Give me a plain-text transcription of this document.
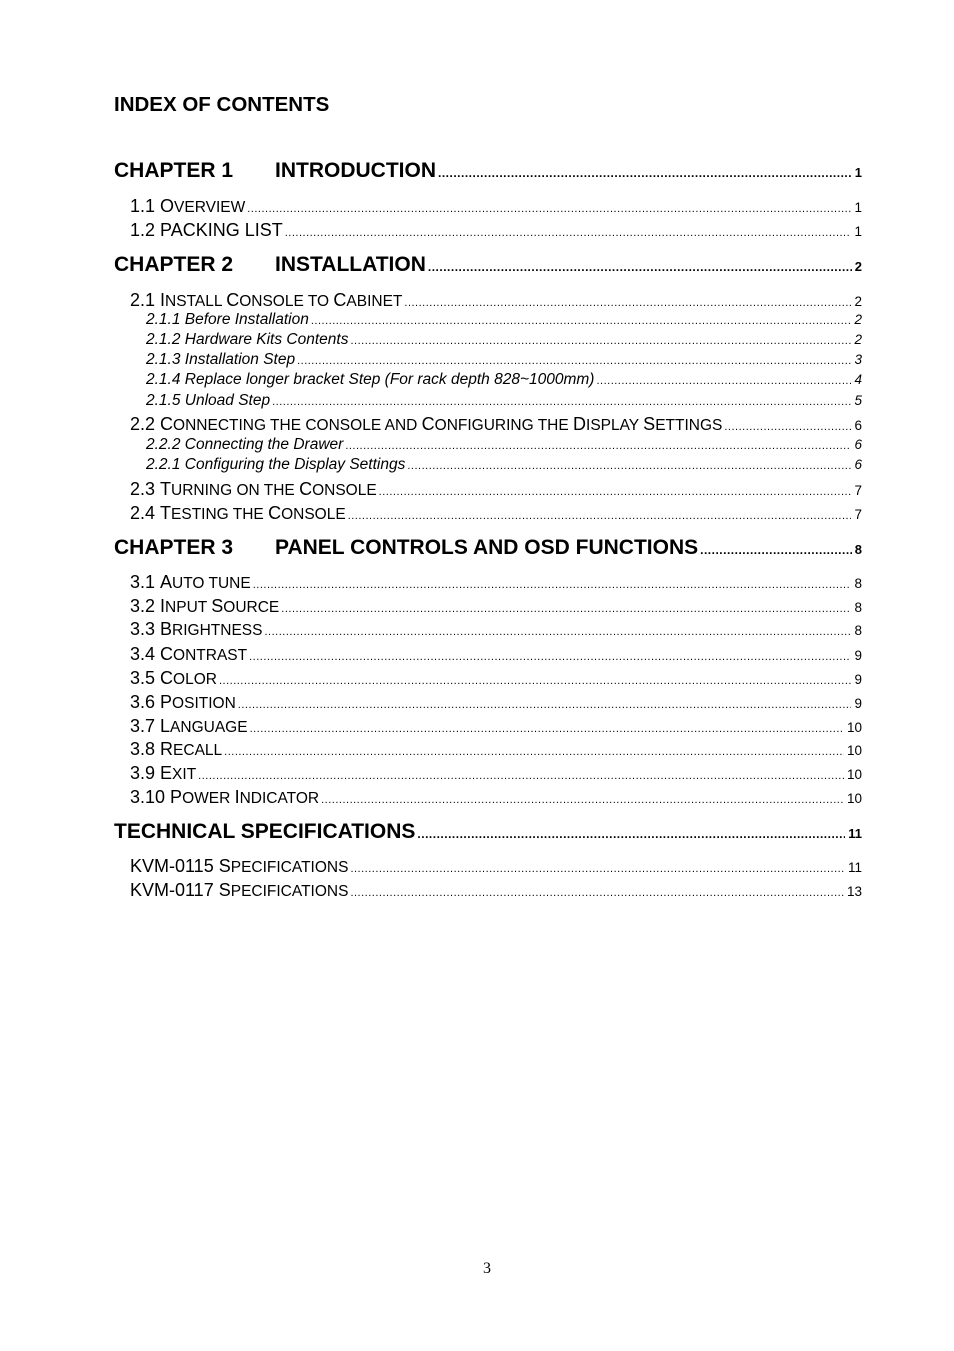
INDEX OF CONTENTS
CHAPTER 1 INTRODUCTION .....	1
1.1 OVERVIEW .....	1
1.2 PACKING LIST .....	1
CHAPTER 2 INSTALLATION .....	2
2.1 INSTALL CONSOLE TO CABINET .....	2
2.1.1 Before Installation .....	2
2.1.2 Hardware Kits Contents .....	2
2.1.3 Installation Step .....	3
2.1.4 Replace longer bracket Step (For rack depth 828~1000mm) .....	4
2.1.5 Unload Step .....	5
2.2 CONNECTING THE CONSOLE AND CONFIGURING THE DISPLAY SETTINGS .....	6
2.2.2 Connecting the Drawer .....	6
2.2.1 Configuring the Display Settings .....	6
2.3 TURNING ON THE CONSOLE .....	7
2.4 TESTING THE CONSOLE .....	7
CHAPTER 3 PANEL CONTROLS AND OSD FUNCTIONS .....	8
3.1 AUTO TUNE .....	8
3.2 INPUT SOURCE .....	8
3.3 BRIGHTNESS .....	8
3.4 CONTRAST .....	9
3.5 COLOR .....	9
3.6 POSITION .....	9
3.7 LANGUAGE .....	10
3.8 RECALL .....	10
3.9 EXIT .....	10
3.10 POWER INDICATOR .....	10
TECHNICAL SPECIFICATIONS .....	11
KVM-0115 SPECIFICATIONS .....	11
KVM-0117 SPECIFICATIONS .....	13
3
